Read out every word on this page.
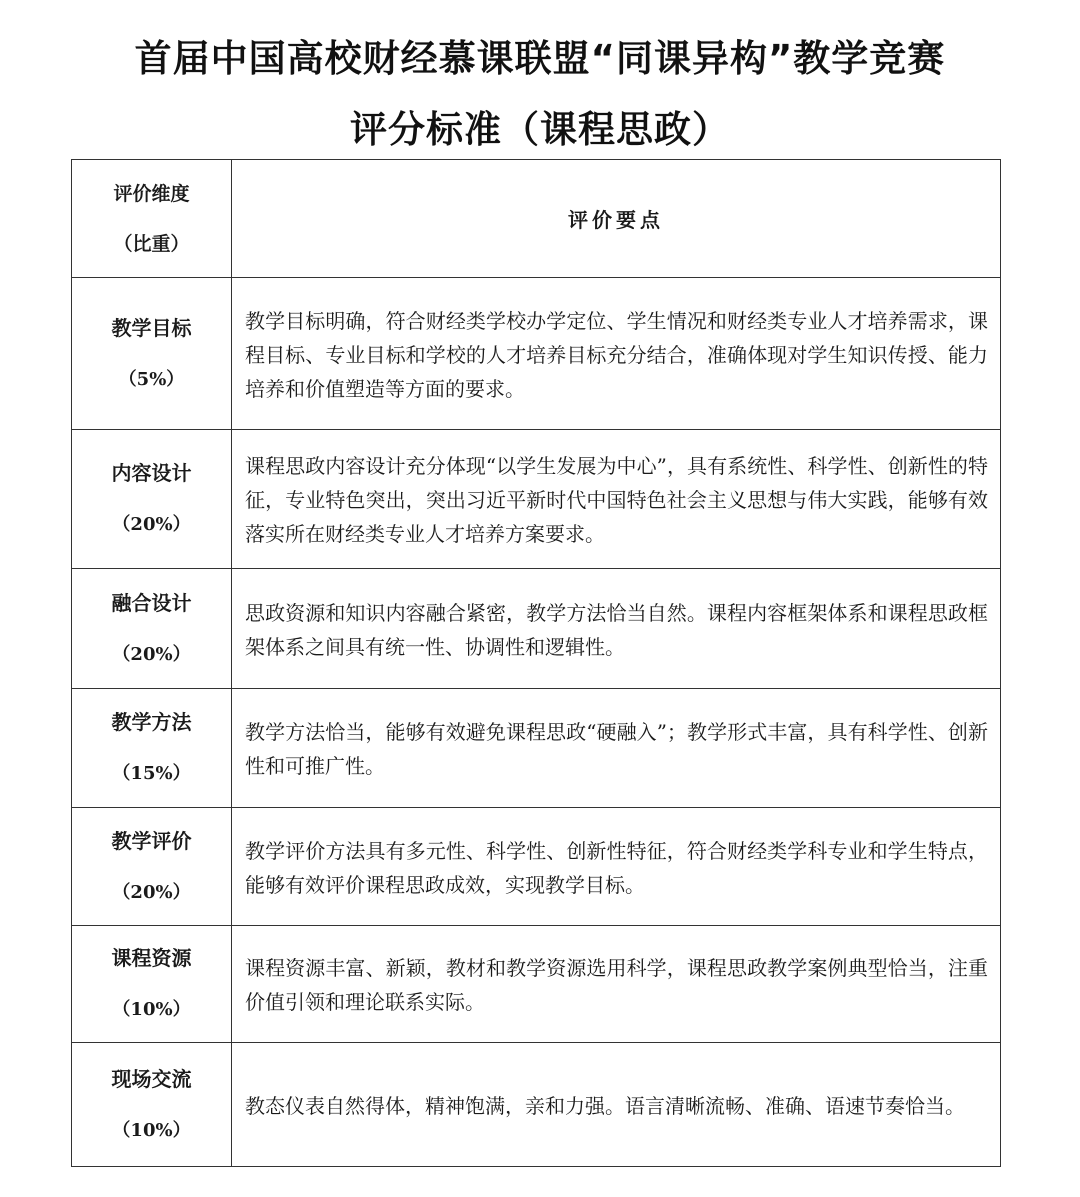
首届中国高校财经慕课联盟“同课异构”教学竞赛
评分标准（课程思政）
评价维度
（比重）	评价要点

教学目标
（5%）	教学目标明确，符合财经类学校办学定位、学生情况和财经类专业人才培养需求，课程目标、专业目标和学校的人才培养目标充分结合，准确体现对学生知识传授、能力培养和价值塑造等方面的要求。

内容设计
（20%）	课程思政内容设计充分体现“以学生发展为中心”，具有系统性、科学性、创新性的特征，专业特色突出，突出习近平新时代中国特色社会主义思想与伟大实践，能够有效落实所在财经类专业人才培养方案要求。

融合设计
（20%）	思政资源和知识内容融合紧密，教学方法恰当自然。课程内容框架体系和课程思政框架体系之间具有统一性、协调性和逻辑性。

教学方法
（15%）	教学方法恰当，能够有效避免课程思政“硬融入”；教学形式丰富，具有科学性、创新性和可推广性。

教学评价
（20%）	教学评价方法具有多元性、科学性、创新性特征，符合财经类学科专业和学生特点，能够有效评价课程思政成效，实现教学目标。

课程资源
（10%）	课程资源丰富、新颖，教材和教学资源选用科学，课程思政教学案例典型恰当，注重价值引领和理论联系实际。

现场交流
（10%）	教态仪表自然得体，精神饱满，亲和力强。语言清晰流畅、准确、语速节奏恰当。
